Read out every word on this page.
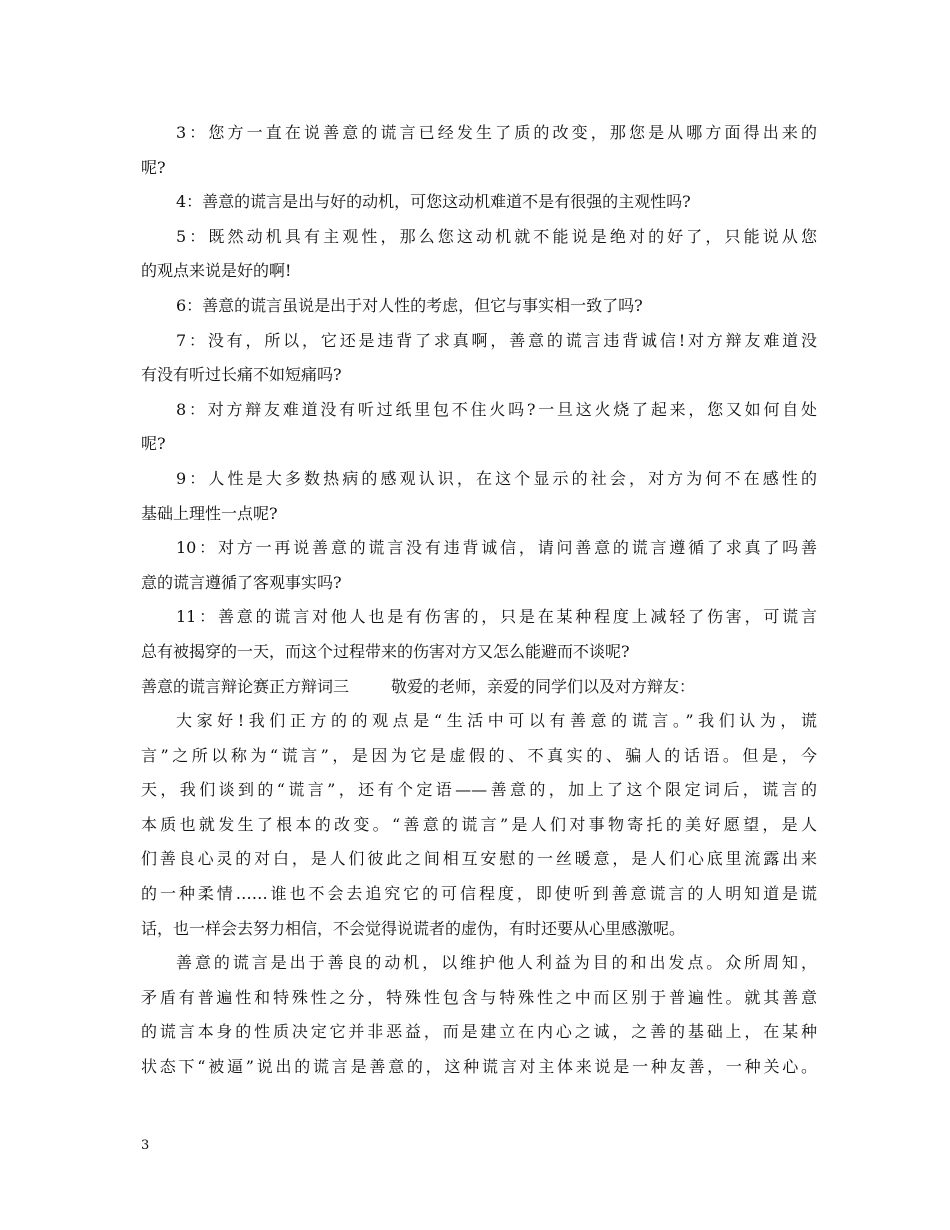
3：您方一直在说善意的谎言已经发生了质的改变，那您是从哪方面得出来的
呢?
4：善意的谎言是出与好的动机，可您这动机难道不是有很强的主观性吗?
5：既然动机具有主观性，那么您这动机就不能说是绝对的好了，只能说从您
的观点来说是好的啊!
6：善意的谎言虽说是出于对人性的考虑，但它与事实相一致了吗?
7：没有，所以，它还是违背了求真啊，善意的谎言违背诚信!对方辩友难道没
有没有听过长痛不如短痛吗?
8：对方辩友难道没有听过纸里包不住火吗?一旦这火烧了起来，您又如何自处
呢?
9：人性是大多数热病的感观认识，在这个显示的社会，对方为何不在感性的
基础上理性一点呢?
10：对方一再说善意的谎言没有违背诚信，请问善意的谎言遵循了求真了吗善
意的谎言遵循了客观事实吗?
11：善意的谎言对他人也是有伤害的，只是在某种程度上减轻了伤害，可谎言
总有被揭穿的一天，而这个过程带来的伤害对方又怎么能避而不谈呢?
善意的谎言辩论赛正方辩词三	敬爱的老师，亲爱的同学们以及对方辩友：
大家好!我们正方的的观点是“生活中可以有善意的谎言。”我们认为，谎
言”之所以称为“谎言”，是因为它是虚假的、不真实的、骗人的话语。但是，今
天，我们谈到的“谎言”，还有个定语——善意的，加上了这个限定词后，谎言的
本质也就发生了根本的改变。“善意的谎言”是人们对事物寄托的美好愿望，是人
们善良心灵的对白，是人们彼此之间相互安慰的一丝暖意，是人们心底里流露出来
的一种柔情……谁也不会去追究它的可信程度，即使听到善意谎言的人明知道是谎
话，也一样会去努力相信，不会觉得说谎者的虚伪，有时还要从心里感激呢。
善意的谎言是出于善良的动机，以维护他人利益为目的和出发点。众所周知，
矛盾有普遍性和特殊性之分，特殊性包含与特殊性之中而区别于普遍性。就其善意
的谎言本身的性质决定它并非恶益，而是建立在内心之诚，之善的基础上，在某种
状态下“被逼”说出的谎言是善意的，这种谎言对主体来说是一种友善，一种关心。
3
